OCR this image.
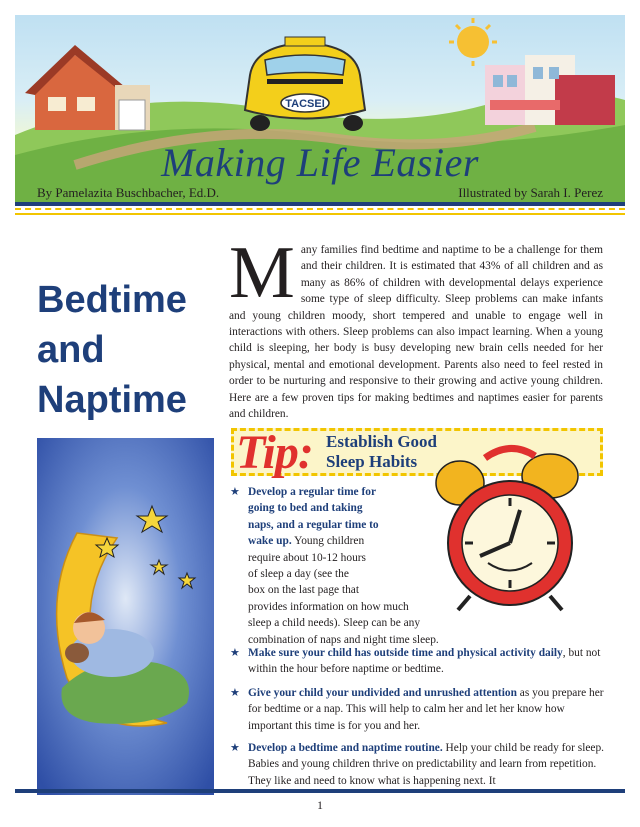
TACSEI
Making Life Easier
By Pamelazita Buschbacher, Ed.D.	Illustrated by Sarah I. Perez
Bedtime
and
Naptime
Many families find bedtime and naptime to be a challenge for them and their children. It is estimated that 43% of all children and as many as 86% of children with developmental delays experience some type of sleep difficulty. Sleep problems can make infants and young children moody, short tempered and unable to engage well in interactions with others. Sleep problems can also impact learning. When a young child is sleeping, her body is busy developing new brain cells needed for her physical, mental and emotional development. Parents also need to feel rested in order to be nurturing and responsive to their growing and active young children. Here are a few proven tips for making bedtimes and naptimes easier for parents and children.
Tip: Establish Good
Sleep Habits
★ Develop a regular time for
going to bed and taking
naps, and a regular time to
wake up. Young children
require about 10-12 hours
of sleep a day (see the
box on the last page that
provides information on how much
sleep a child needs). Sleep can be any
combination of naps and night time sleep.
★ Make sure your child has outside time and physical activity daily, but not within the hour before naptime or bedtime.
★ Give your child your undivided and unrushed attention as you prepare her for bedtime or a nap. This will help to calm her and let her know how important this time is for you and her.
★ Develop a bedtime and naptime routine. Help your child be ready for sleep. Babies and young children thrive on predictability and learn from repetition. They like and need to know what is happening next. It
1
